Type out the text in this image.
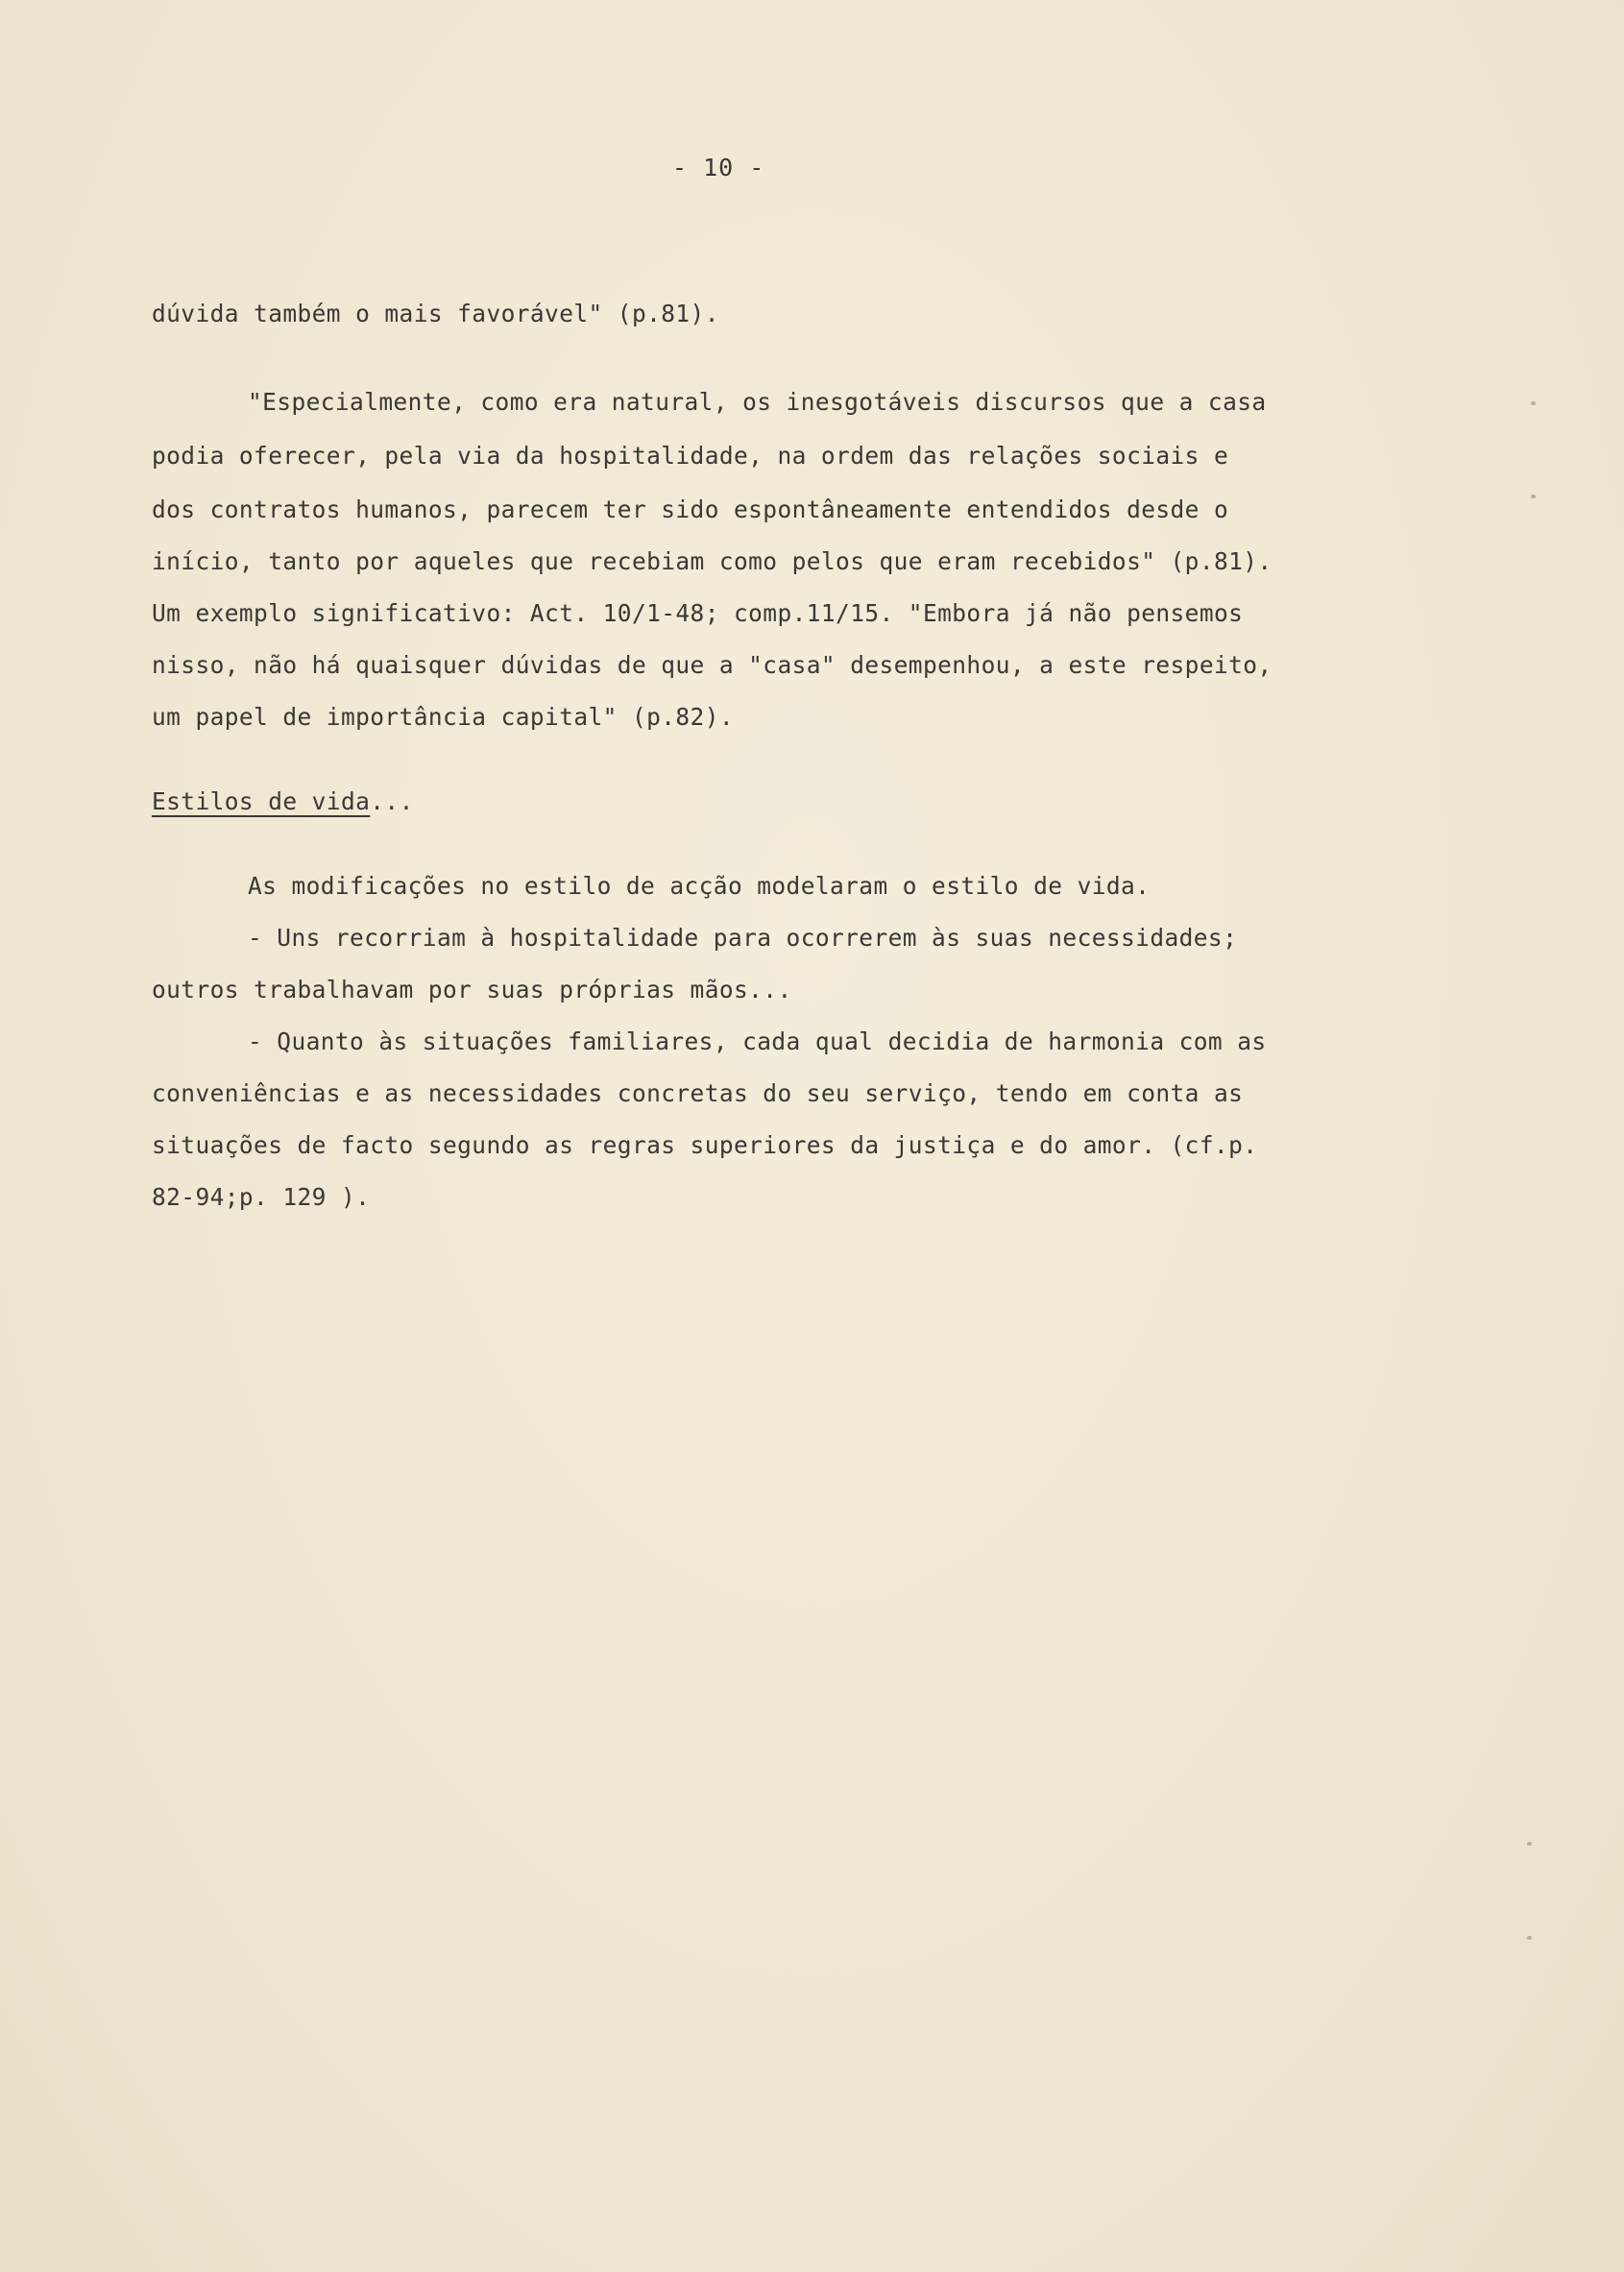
- 10 -
dúvida também o mais favorável" (p.81).
"Especialmente, como era natural, os inesgotáveis discursos que a casa
podia oferecer, pela via da hospitalidade, na ordem das relações sociais e
dos contratos humanos, parecem ter sido espontâneamente entendidos desde o
início, tanto por aqueles que recebiam como pelos que eram recebidos" (p.81).
Um exemplo significativo: Act. 10/1-48; comp.11/15. "Embora já não pensemos
nisso, não há quaisquer dúvidas de que a "casa" desempenhou, a este respeito,
um papel de importância capital" (p.82).
Estilos de vida...
As modificações no estilo de acção modelaram o estilo de vida.
- Uns recorriam à hospitalidade para ocorrerem às suas necessidades;
outros trabalhavam por suas próprias mãos...
- Quanto às situações familiares, cada qual decidia de harmonia com as
conveniências e as necessidades concretas do seu serviço, tendo em conta as
situações de facto segundo as regras superiores da justiça e do amor. (cf.p.
82-94;p. 129 ).
